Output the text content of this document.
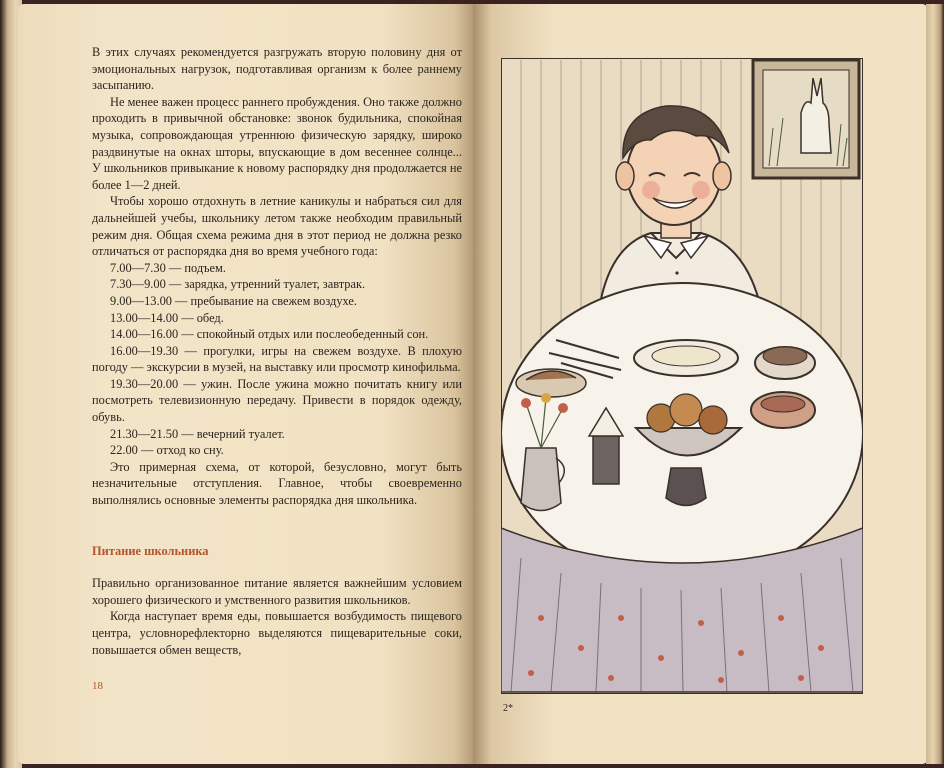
В этих случаях рекомендуется разгружать вторую половину дня от эмоциональных нагрузок, подготавливая организм к более раннему засыпанию.

Не менее важен процесс раннего пробуждения. Оно также должно проходить в привычной обстановке: звонок будильника, спокойная музыка, сопровождающая утреннюю физическую зарядку, широко раздвинутые на окнах шторы, впускающие в дом весеннее солнце... У школьников привыкание к новому распорядку дня продолжается не более 1—2 дней.

Чтобы хорошо отдохнуть в летние каникулы и набраться сил для дальнейшей учебы, школьнику летом также необходим правильный режим дня. Общая схема режима дня в этот период не должна резко отличаться от распорядка дня во время учебного года:

7.00—7.30 — подъем.

7.30—9.00 — зарядка, утренний туалет, завтрак.

9.00—13.00 — пребывание на свежем воздухе.

13.00—14.00 — обед.

14.00—16.00 — спокойный отдых или послеобеденный сон.

16.00—19.30 — прогулки, игры на свежем воздухе. В плохую погоду — экскурсии в музей, на выставку или просмотр кинофильма.

19.30—20.00 — ужин. После ужина можно почитать книгу или посмотреть телевизионную передачу. Привести в порядок одежду, обувь.

21.30—21.50 — вечерний туалет.

22.00 — отход ко сну.

Это примерная схема, от которой, безусловно, могут быть незначительные отступления. Главное, чтобы своевременно выполнялись основные элементы распорядка дня школьника.

Питание школьника

Правильно организованное питание является важнейшим условием хорошего физического и умственного развития школьников.

Когда наступает время еды, повышается возбудимость пищевого центра, условнорефлекторно выделяются пищеварительные соки, повышается обмен веществ,

18
2*
